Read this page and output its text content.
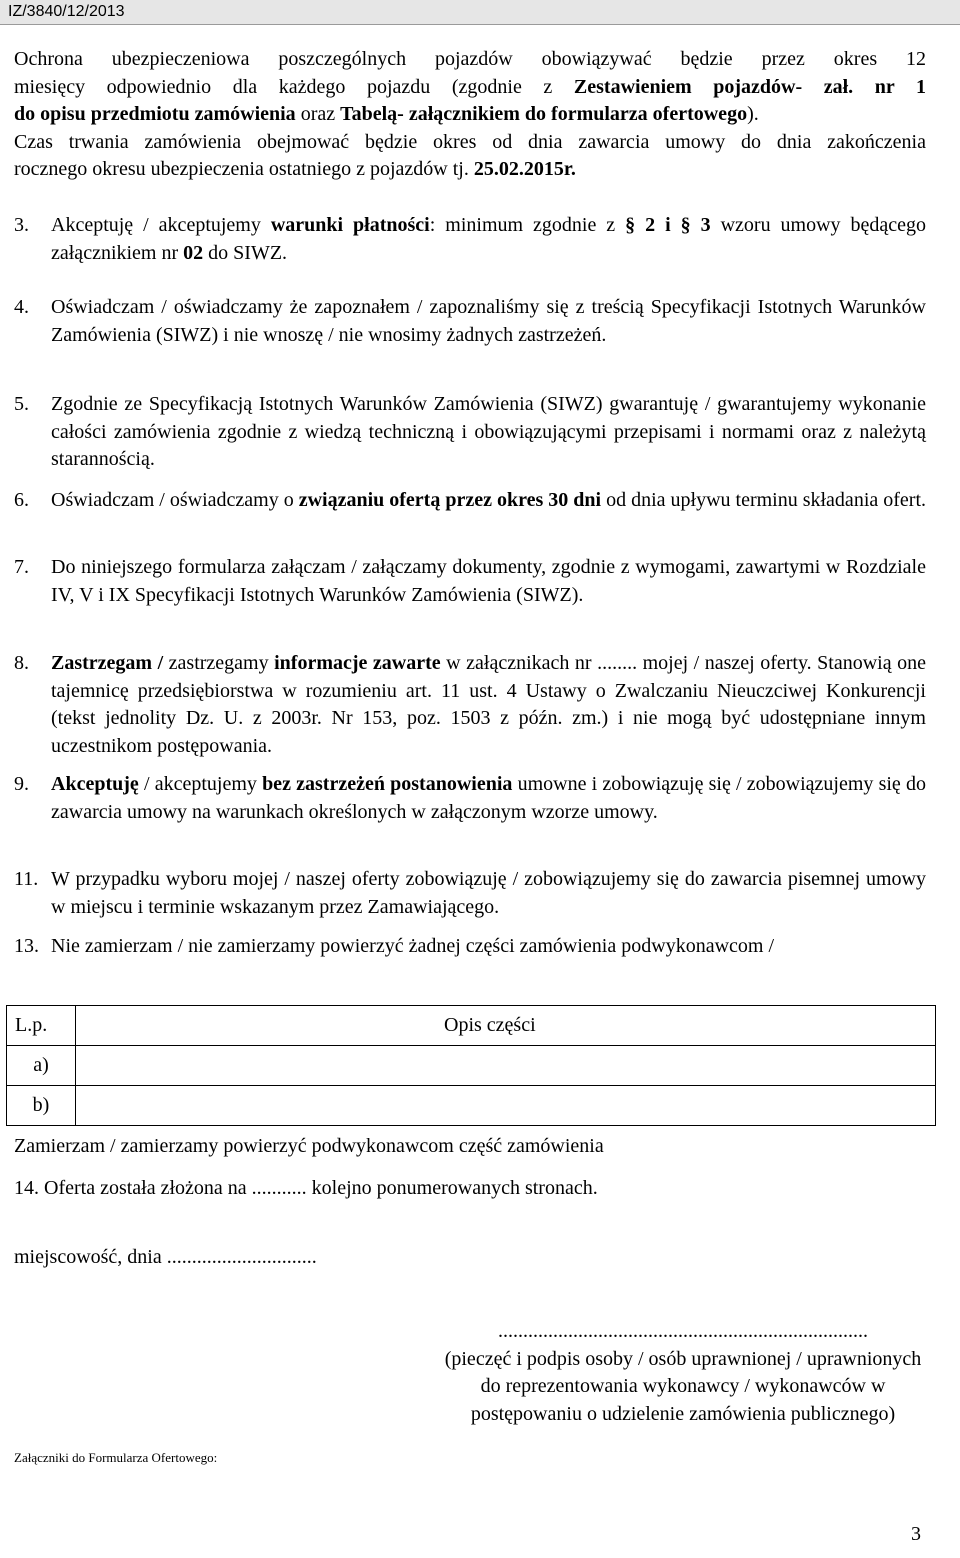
IZ/3840/12/2013
Ochrona ubezpieczeniowa poszczególnych pojazdów obowiązywać będzie przez okres 12
miesięcy odpowiednio dla każdego pojazdu (zgodnie z Zestawieniem pojazdów- zał. nr 1
do opisu przedmiotu zamówienia oraz Tabelą- załącznikiem do formularza ofertowego).
Czas trwania zamówienia obejmować będzie okres od dnia zawarcia umowy do dnia zakończenia
rocznego okresu ubezpieczenia ostatniego z pojazdów tj. 25.02.2015r.
3. Akceptuję / akceptujemy warunki płatności: minimum zgodnie z § 2 i § 3 wzoru umowy będącego załącznikiem nr 02 do SIWZ.
4. Oświadczam / oświadczamy że zapoznałem / zapoznaliśmy się z treścią Specyfikacji Istotnych Warunków Zamówienia (SIWZ) i nie wnoszę / nie wnosimy żadnych zastrzeżeń.
5. Zgodnie ze Specyfikacją Istotnych Warunków Zamówienia (SIWZ) gwarantuję / gwarantujemy wykonanie całości zamówienia zgodnie z wiedzą techniczną i obowiązującymi przepisami i normami oraz z należytą starannością.
6. Oświadczam / oświadczamy o związaniu ofertą przez okres 30 dni od dnia upływu terminu składania ofert.
7. Do niniejszego formularza załączam / załączamy dokumenty, zgodnie z wymogami, zawartymi w Rozdziale IV, V i IX Specyfikacji Istotnych Warunków Zamówienia (SIWZ).
8. Zastrzegam / zastrzegamy informacje zawarte w załącznikach nr ........ mojej / naszej oferty. Stanowią one tajemnicę przedsiębiorstwa w rozumieniu art. 11 ust. 4 Ustawy o Zwalczaniu Nieuczciwej Konkurencji (tekst jednolity Dz. U. z 2003r. Nr 153, poz. 1503 z późn. zm.) i nie mogą być udostępniane innym uczestnikom postępowania.
9. Akceptuję / akceptujemy bez zastrzeżeń postanowienia umowne i zobowiązuję się / zobowiązujemy się do zawarcia umowy na warunkach określonych w załączonym wzorze umowy.
11. W przypadku wyboru mojej / naszej oferty zobowiązuję / zobowiązujemy się do zawarcia pisemnej umowy w miejscu i terminie wskazanym przez Zamawiającego.
13. Nie zamierzam / nie zamierzamy powierzyć żadnej części zamówienia podwykonawcom /
L.p.	Opis części
a)	
b)	
Zamierzam / zamierzamy powierzyć podwykonawcom część zamówienia
14. Oferta została złożona na ........... kolejno ponumerowanych stronach.
miejscowość, dnia ..............................
..........................................................................
(pieczęć i podpis osoby / osób uprawnionej / uprawnionych do reprezentowania wykonawcy / wykonawców w postępowaniu o udzielenie zamówienia publicznego)
Załączniki do Formularza Ofertowego:
3
